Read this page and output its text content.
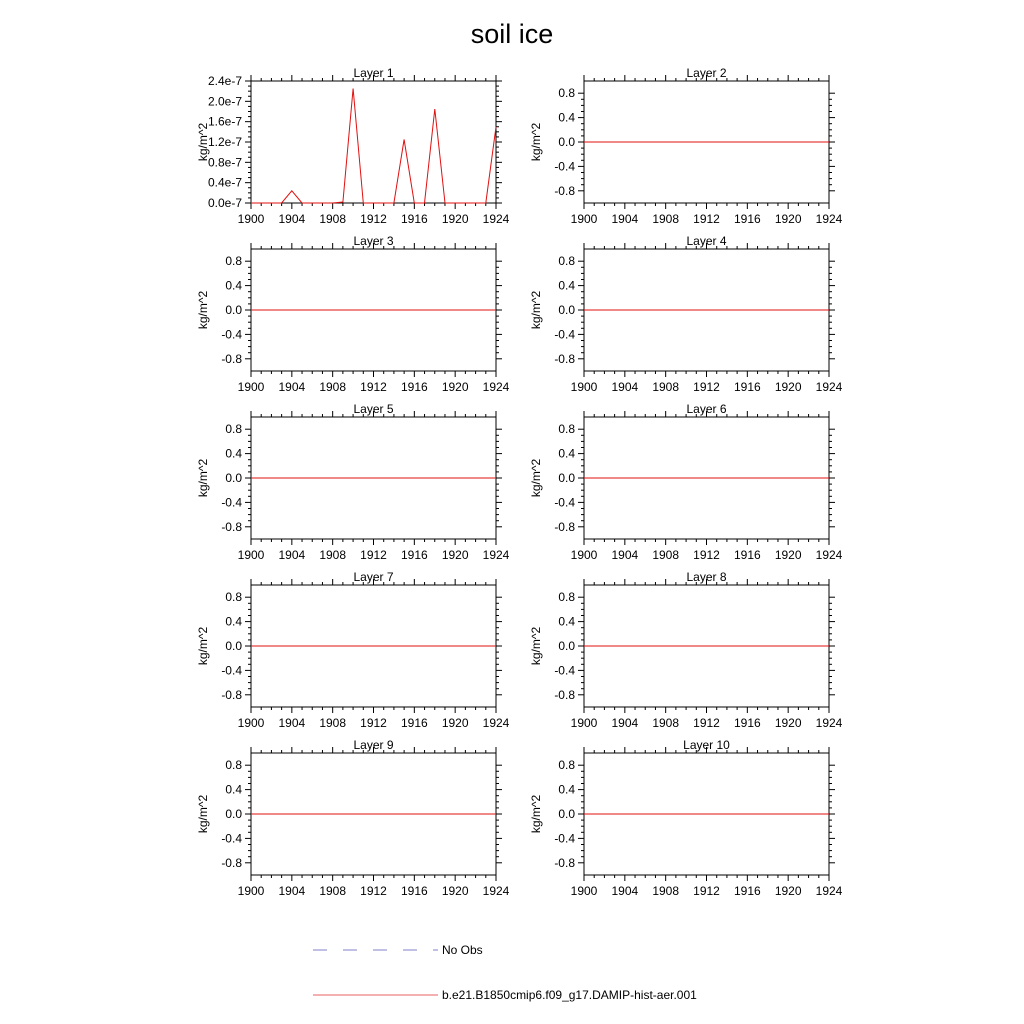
soil ice
Layer 1
1900 1904 1908 1912 1916 1920 1924
0.0e-7
0.4e-7
0.8e-7
1.2e-7
1.6e-7
2.0e-7
2.4e-7
kg/m^2
Layer 2
1900 1904 1908 1912 1916 1920 1924
-0.8
-0.4
0.0
0.4
0.8
kg/m^2
Layer 3
1900 1904 1908 1912 1916 1920 1924
-0.8
-0.4
0.0
0.4
0.8
kg/m^2
Layer 4
1900 1904 1908 1912 1916 1920 1924
-0.8
-0.4
0.0
0.4
0.8
kg/m^2
Layer 5
1900 1904 1908 1912 1916 1920 1924
-0.8
-0.4
0.0
0.4
0.8
kg/m^2
Layer 6
1900 1904 1908 1912 1916 1920 1924
-0.8
-0.4
0.0
0.4
0.8
kg/m^2
Layer 7
1900 1904 1908 1912 1916 1920 1924
-0.8
-0.4
0.0
0.4
0.8
kg/m^2
Layer 8
1900 1904 1908 1912 1916 1920 1924
-0.8
-0.4
0.0
0.4
0.8
kg/m^2
Layer 9
1900 1904 1908 1912 1916 1920 1924
-0.8
-0.4
0.0
0.4
0.8
kg/m^2
Layer 10
1900 1904 1908 1912 1916 1920 1924
-0.8
-0.4
0.0
0.4
0.8
kg/m^2
No Obs
b.e21.B1850cmip6.f09_g17.DAMIP-hist-aer.001
